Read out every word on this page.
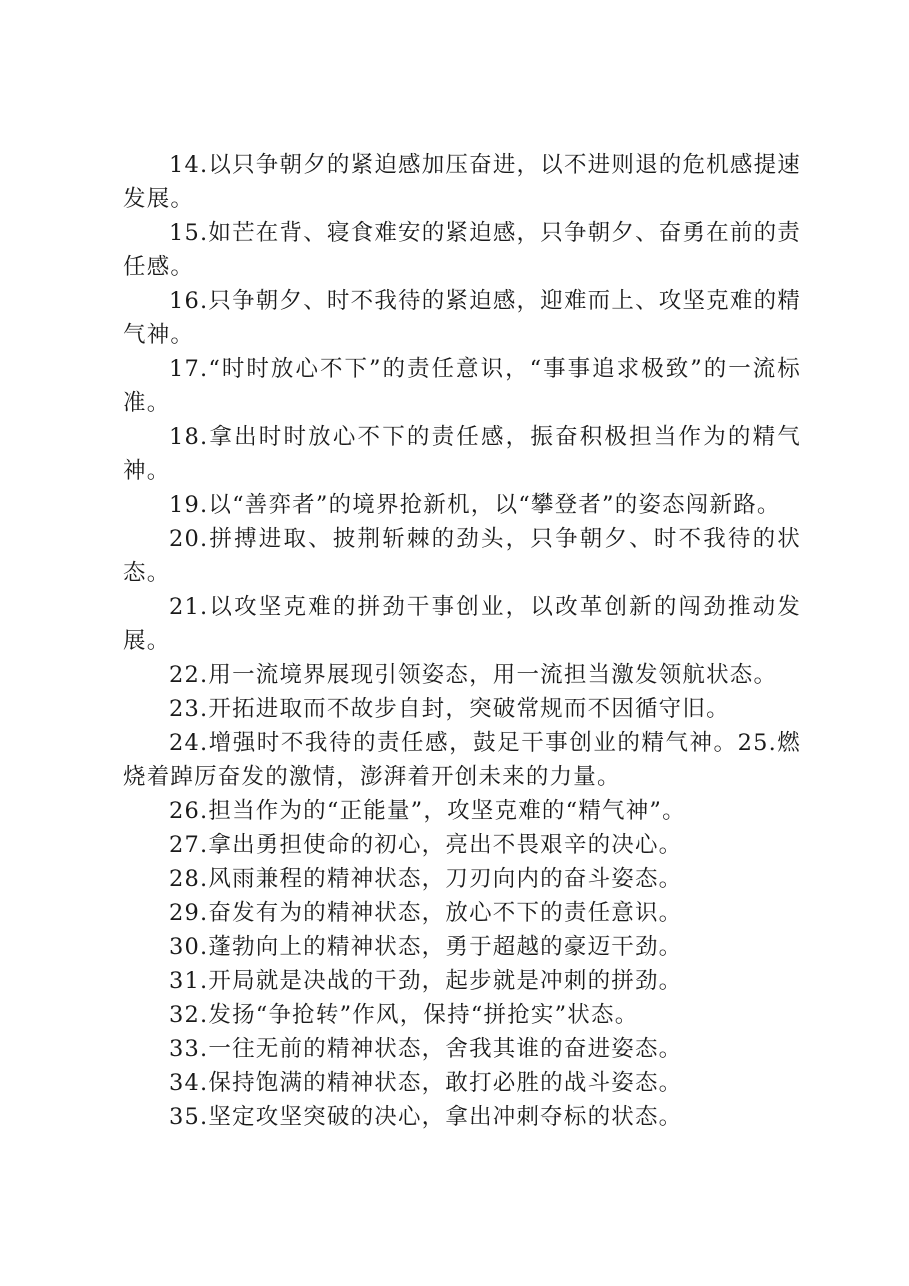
14.以只争朝夕的紧迫感加压奋进，以不进则退的危机感提速发展。

15.如芒在背、寝食难安的紧迫感，只争朝夕、奋勇在前的责任感。

16.只争朝夕、时不我待的紧迫感，迎难而上、攻坚克难的精气神。

17.“时时放心不下”的责任意识，“事事追求极致”的一流标准。

18.拿出时时放心不下的责任感，振奋积极担当作为的精气神。

19.以“善弈者”的境界抢新机，以“攀登者”的姿态闯新路。

20.拼搏进取、披荆斩棘的劲头，只争朝夕、时不我待的状态。

21.以攻坚克难的拼劲干事创业，以改革创新的闯劲推动发展。

22.用一流境界展现引领姿态，用一流担当激发领航状态。

23.开拓进取而不故步自封，突破常规而不因循守旧。

24.增强时不我待的责任感，鼓足干事创业的精气神。25.燃烧着踔厉奋发的激情，澎湃着开创未来的力量。

26.担当作为的“正能量”，攻坚克难的“精气神”。

27.拿出勇担使命的初心，亮出不畏艰辛的决心。

28.风雨兼程的精神状态，刀刃向内的奋斗姿态。

29.奋发有为的精神状态，放心不下的责任意识。

30.蓬勃向上的精神状态，勇于超越的豪迈干劲。

31.开局就是决战的干劲，起步就是冲刺的拼劲。

32.发扬“争抢转”作风，保持“拼抢实”状态。

33.一往无前的精神状态，舍我其谁的奋进姿态。

34.保持饱满的精神状态，敢打必胜的战斗姿态。

35.坚定攻坚突破的决心，拿出冲刺夺标的状态。
